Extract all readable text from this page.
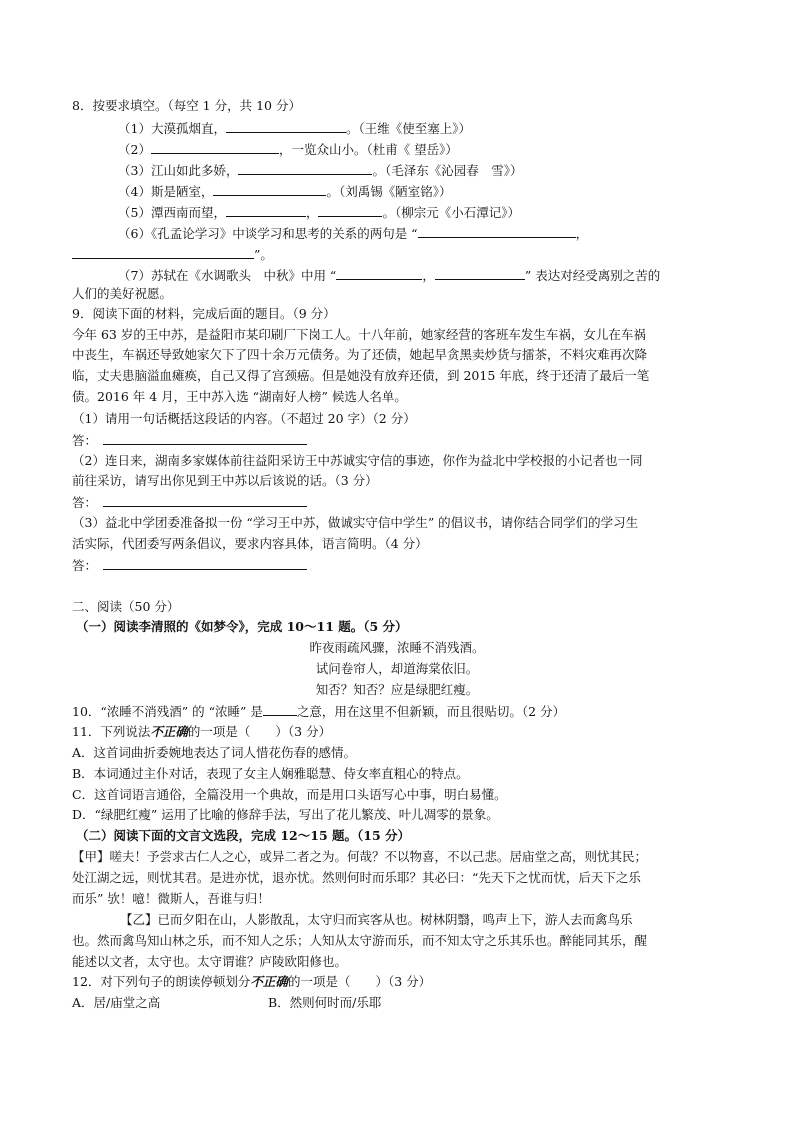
8．按要求填空。（每空 1 分，共 10 分）
（1）大漠孤烟直，	。（王维《使至塞上》）
（2）	，一览众山小。（杜甫《 望岳》）
（3）江山如此多娇，	。（毛泽东《沁园春　雪》）
（4）斯是陋室，	。（刘禹锡《陋室铭》）
（5）潭西南而望，	，	。（柳宗元《小石潭记》）
（6）《孔孟论学习》中谈学习和思考的关系的两句是 “	，
”。
（7）苏轼在《水调歌头　中秋》中用 “	，	” 表达对经受离别之苦的
人们的美好祝愿。
9．阅读下面的材料，完成后面的题目。（9 分）
今年 63 岁的王中苏，是益阳市某印刷厂下岗工人。十八年前，她家经营的客班车发生车祸，女儿在车祸
中丧生，车祸还导致她家欠下了四十余万元债务。为了还债，她起早贪黑卖炒货与擂茶，不料灾难再次降
临，丈夫患脑溢血瘫痪，自己又得了宫颈癌。但是她没有放弃还债，到 2015 年底，终于还清了最后一笔
债。2016 年 4 月，王中苏入选 “湖南好人榜” 候选人名单。
（1）请用一句话概括这段话的内容。（不超过 20 字）（2 分）
答：
（2）连日来，湖南多家媒体前往益阳采访王中苏诚实守信的事迹，你作为益北中学校报的小记者也一同
前往采访，请写出你见到王中苏以后该说的话。（3 分）
答：
（3）益北中学团委准备拟一份 “学习王中苏，做诚实守信中学生” 的倡议书，请你结合同学们的学习生
活实际，代团委写两条倡议，要求内容具体，语言简明。（4 分）
答：
二、阅读（50 分）
（一）阅读李清照的《如梦令》，完成 10～11 题。（5 分）
昨夜雨疏风骤，浓睡不消残酒。
试问卷帘人，却道海棠依旧。
知否？知否？应是绿肥红瘦。
10．“浓睡不消残酒” 的 “浓睡” 是	之意，用在这里不但新颖，而且很贴切。（2 分）
11．下列说法不正确的一项是（　　）（3 分）
A．这首词曲折委婉地表达了词人惜花伤春的感情。
B．本词通过主仆对话，表现了女主人娴雅聪慧、侍女率直粗心的特点。
C．这首词语言通俗，全篇没用一个典故，而是用口头语写心中事，明白易懂。
D．“绿肥红瘦” 运用了比喻的修辞手法，写出了花儿繁茂、叶儿凋零的景象。
（二）阅读下面的文言文选段，完成 12～15 题。（15 分）
【甲】嗟夫！予尝求古仁人之心，或异二者之为。何哉？不以物喜，不以己悲。居庙堂之高，则忧其民；
处江湖之远，则忧其君。是进亦忧，退亦忧。然则何时而乐耶？其必曰：“先天下之忧而忧，后天下之乐
而乐” 欤！噫！微斯人，吾谁与归！
【乙】已而夕阳在山，人影散乱，太守归而宾客从也。树林阴翳，鸣声上下，游人去而禽鸟乐
也。然而禽鸟知山林之乐，而不知人之乐；人知从太守游而乐，而不知太守之乐其乐也。醉能同其乐，醒
能述以文者，太守也。太守谓谁？庐陵欧阳修也。
12．对下列句子的朗读停顿划分不正确的一项是（　　）（3 分）
A．居/庙堂之高	B．然则何时而/乐耶
